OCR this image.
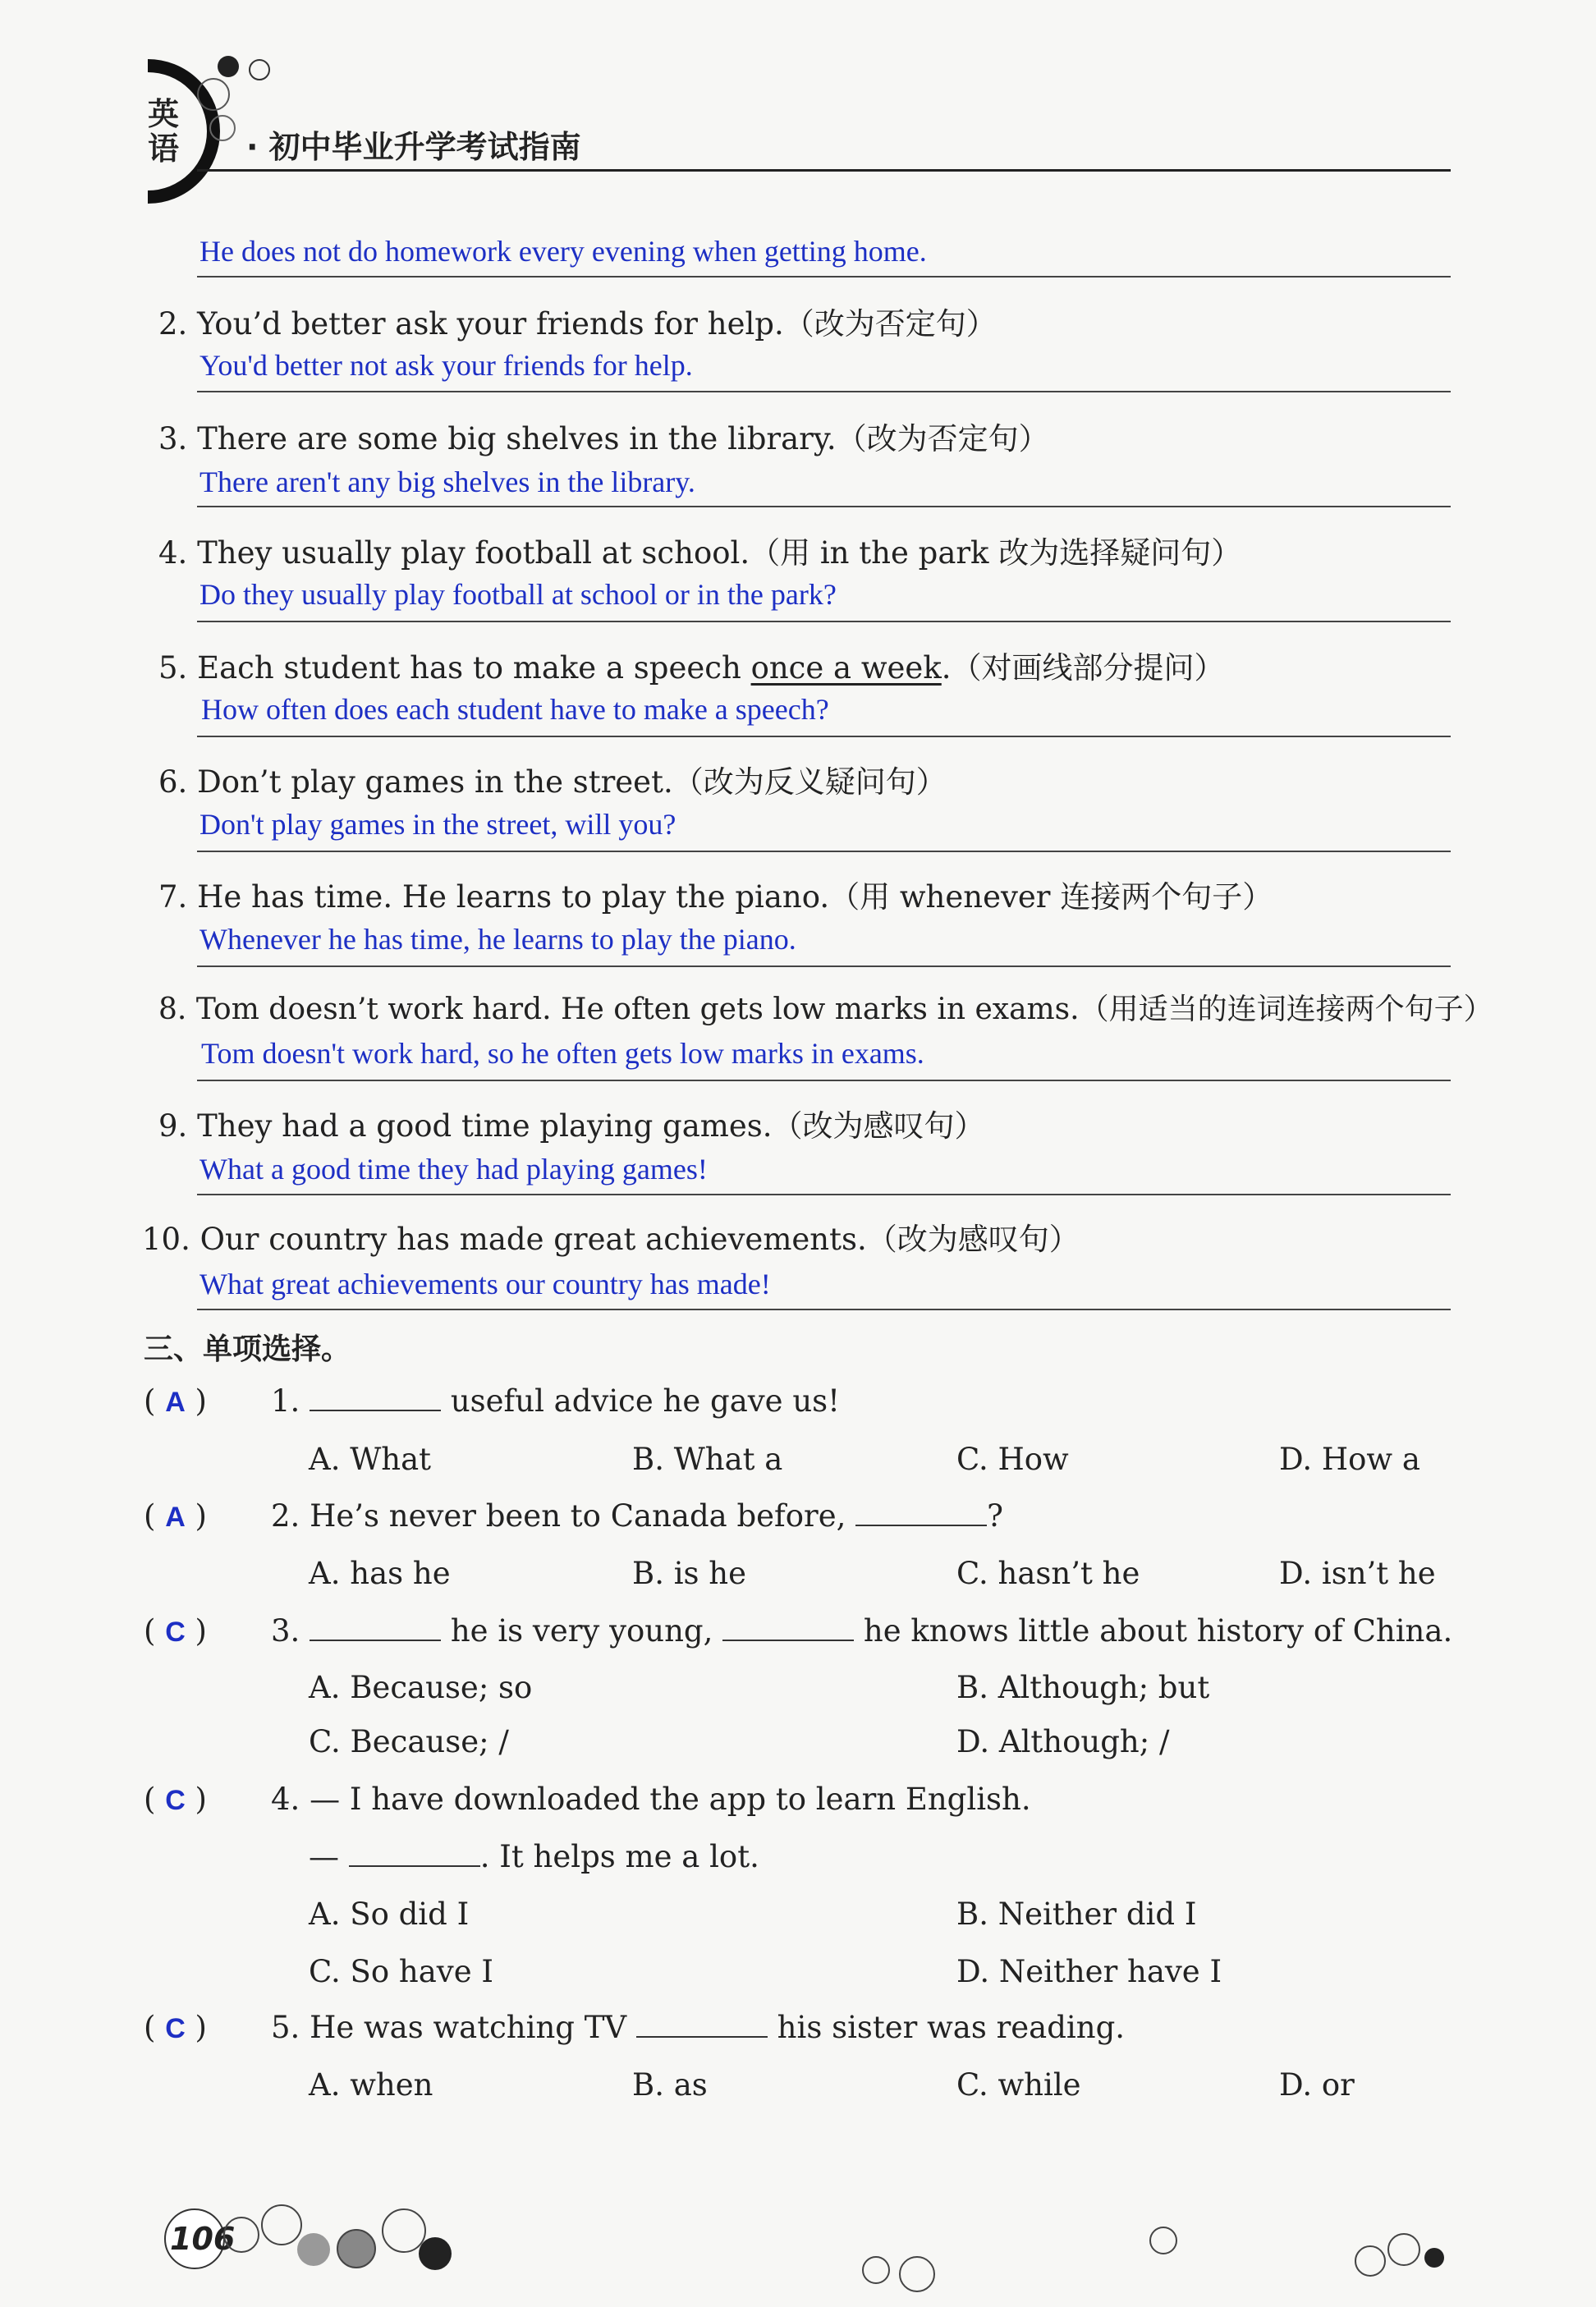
英
语 · 初中毕业升学考试指南
He does not do homework every evening when getting home.
2. You’d better ask your friends for help.（改为否定句）
You'd better not ask your friends for help.
3. There are some big shelves in the library.（改为否定句）
There aren't any big shelves in the library.
4. They usually play football at school.（用 in the park 改为选择疑问句）
Do they usually play football at school or in the park?
5. Each student has to make a speech once a week.（对画线部分提问）
How often does each student have to make a speech?
6. Don’t play games in the street.（改为反义疑问句）
Don't play games in the street, will you?
7. He has time. He learns to play the piano.（用 whenever 连接两个句子）
Whenever he has time, he learns to play the piano.
8. Tom doesn’t work hard. He often gets low marks in exams.（用适当的连词连接两个句子）
Tom doesn't work hard, so he often gets low marks in exams.
9. They had a good time playing games.（改为感叹句）
What a good time they had playing games!
10. Our country has made great achievements.（改为感叹句）
What great achievements our country has made!
三、单项选择。
( A ) 1.	useful advice he gave us!
A. What	B. What a	C. How	D. How a
( A ) 2. He’s never been to Canada before,	?
A. has he	B. is he	C. hasn’t he	D. isn’t he
( C ) 3.	he is very young,	he knows little about history of China.
A. Because; so	B. Although; but
C. Because; /	D. Although; /
( C ) 4. — I have downloaded the app to learn English.
—	. It helps me a lot.
A. So did I	B. Neither did I
C. So have I	D. Neither have I
( C ) 5. He was watching TV	his sister was reading.
A. when	B. as	C. while	D. or
106
